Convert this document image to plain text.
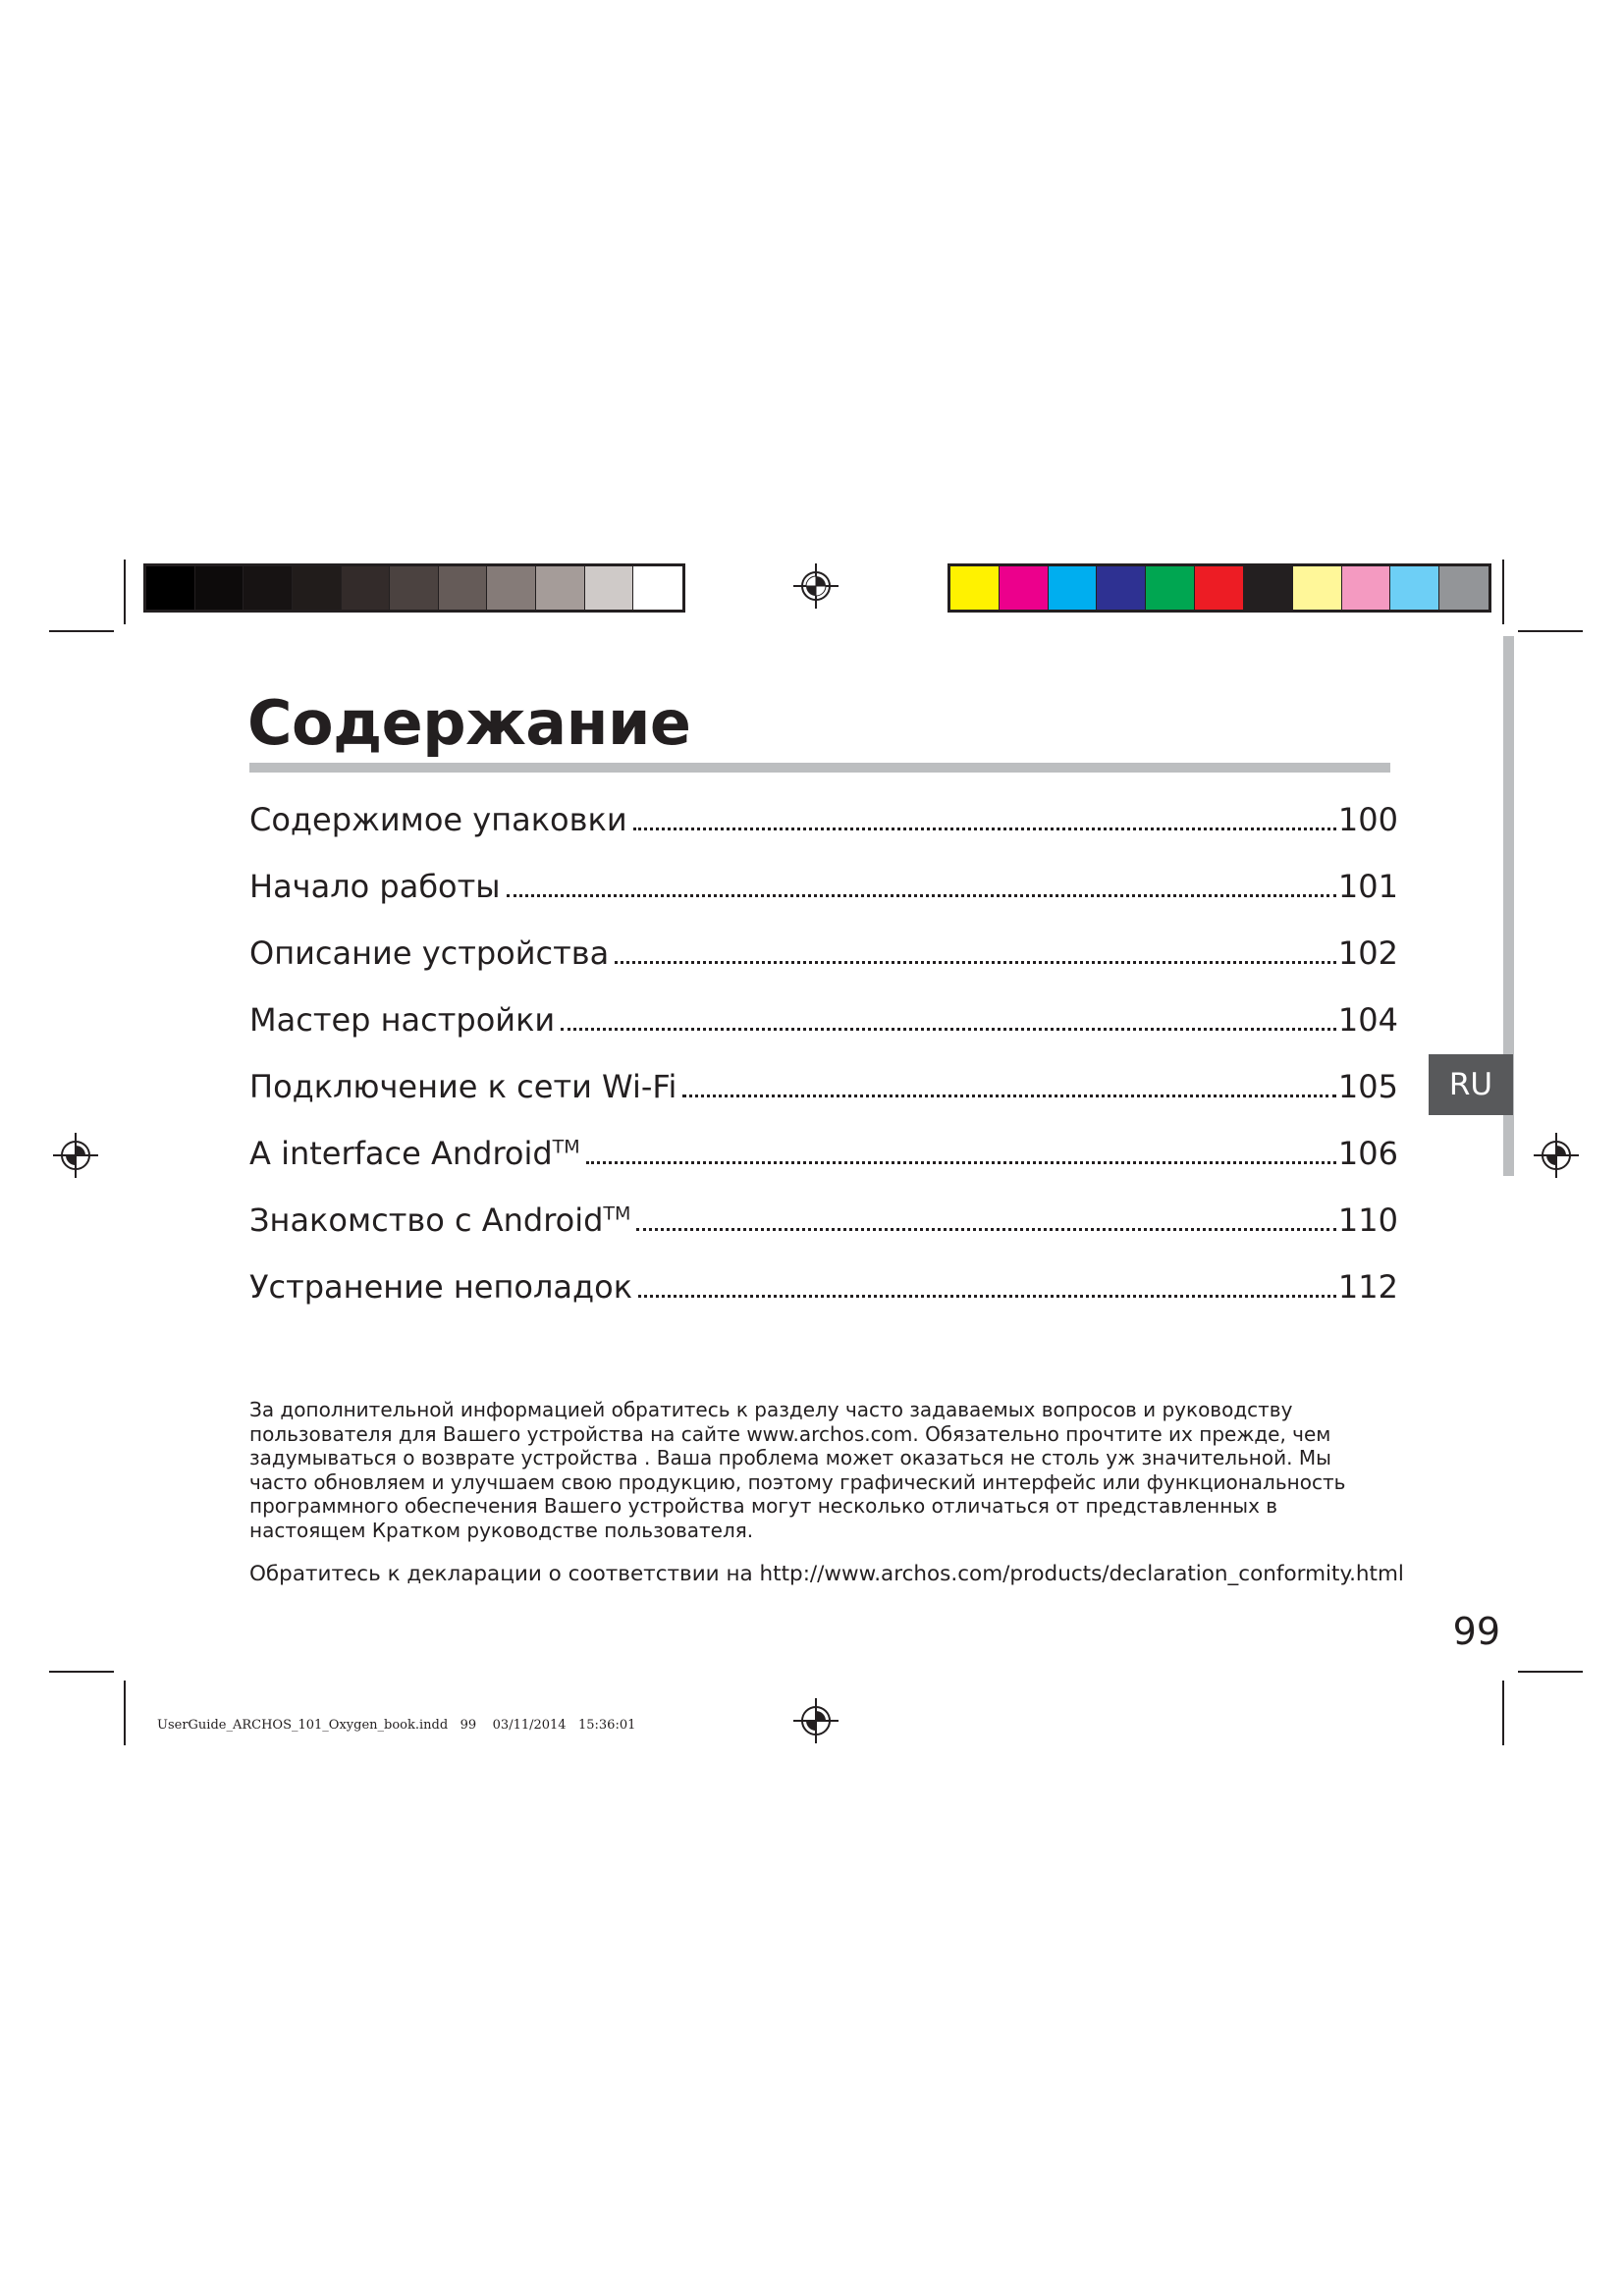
RU
Содержание
Содержимое упаковки	100
Начало работы	101
Описание устройства	102
Мастер настройки	104
Подключение к сети Wi-Fi	105
A interface Android™	106
Знакомство с Android™	110
Устранение неполадок	112

За дополнительной информацией обратитесь к разделу часто задаваемых вопросов и руководству пользователя для Вашего устройства на сайте www.archos.com. Обязательно прочтите их прежде, чем задумываться о возврате устройства . Ваша проблема может оказаться не столь уж значительной. Мы часто обновляем и улучшаем свою продукцию, поэтому графический интерфейс или функциональность программного обеспечения Вашего устройства могут несколько отличаться от представленных в настоящем Кратком руководстве пользователя.

Обратитесь к декларации о соответствии на http://www.archos.com/products/declaration_conformity.html

99
UserGuide_ARCHOS_101_Oxygen_book.indd   99    03/11/2014   15:36:01
